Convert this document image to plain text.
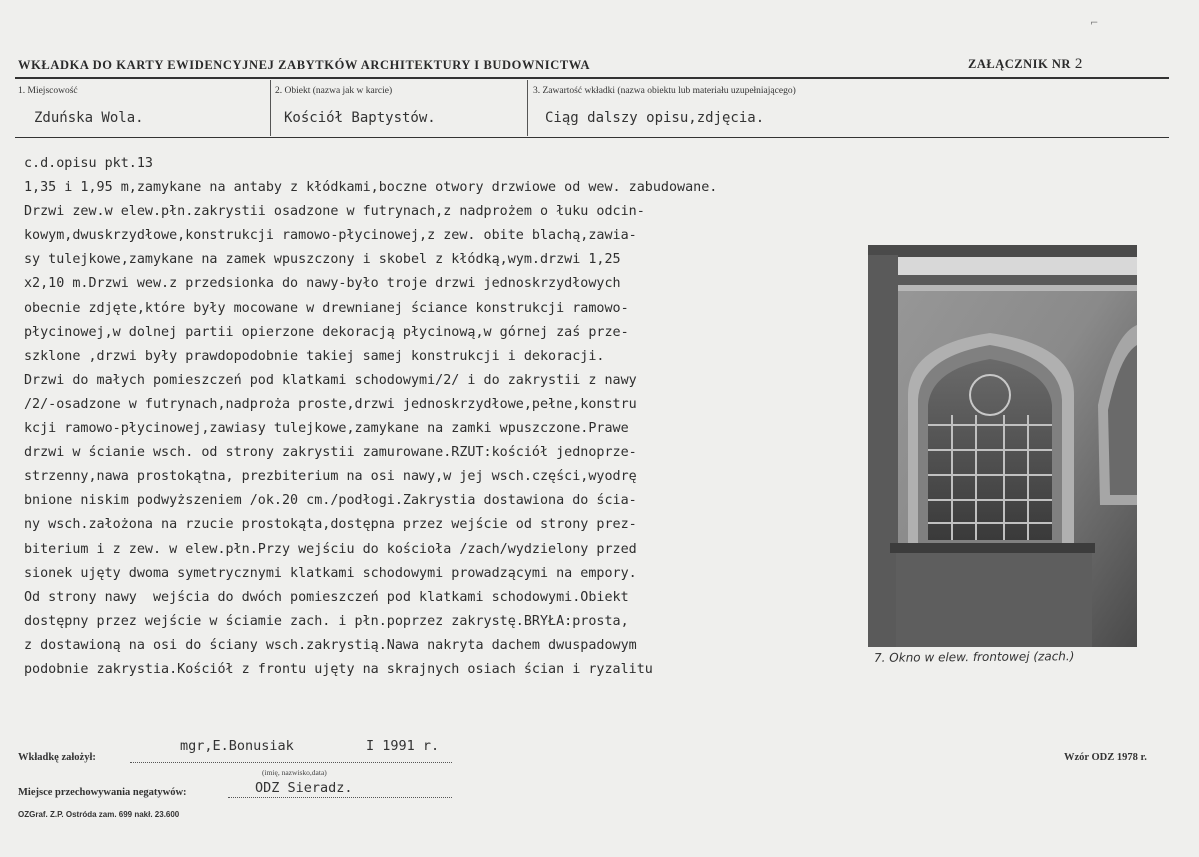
⌐
WKŁADKA DO KARTY EWIDENCYJNEJ ZABYTKÓW ARCHITEKTURY I BUDOWNICTWA	ZAŁĄCZNIK NR 2
1. Miejscowość
Zduńska Wola.
2. Obiekt (nazwa jak w karcie)
Kościół Baptystów.
3. Zawartość wkładki (nazwa obiektu lub materiału uzupełniającego)
Ciąg dalszy opisu,zdjęcia.
c.d.opisu pkt.13
1,35 i 1,95 m,zamykane na antaby z kłódkami,boczne otwory drzwiowe od wew. zabudowane.
Drzwi zew.w elew.płn.zakrystii osadzone w futrynach,z nadprożem o łuku odcin-
kowym,dwuskrzydłowe,konstrukcji ramowo-płycinowej,z zew. obite blachą,zawia-
sy tulejkowe,zamykane na zamek wpuszczony i skobel z kłódką,wym.drzwi 1,25
x2,10 m.Drzwi wew.z przedsionka do nawy-było troje drzwi jednoskrzydłowych
obecnie zdjęte,które były mocowane w drewnianej ściance konstrukcji ramowo-
płycinowej,w dolnej partii opierzone dekoracją płycinową,w górnej zaś prze-
szklone ,drzwi były prawdopodobnie takiej samej konstrukcji i dekoracji.
Drzwi do małych pomieszczeń pod klatkami schodowymi/2/ i do zakrystii z nawy
/2/-osadzone w futrynach,nadproża proste,drzwi jednoskrzydłowe,pełne,konstru
kcji ramowo-płycinowej,zawiasy tulejkowe,zamykane na zamki wpuszczone.Prawe
drzwi w ścianie wsch. od strony zakrystii zamurowane.RZUT:kościół jednoprze-
strzenny,nawa prostokątna, prezbiterium na osi nawy,w jej wsch.części,wyodrę
bnione niskim podwyższeniem /ok.20 cm./podłogi.Zakrystia dostawiona do ścia-
ny wsch.założona na rzucie prostokąta,dostępna przez wejście od strony prez-
biterium i z zew. w elew.płn.Przy wejściu do kościoła /zach/wydzielony przed
sionek ujęty dwoma symetrycznymi klatkami schodowymi prowadzącymi na empory.
Od strony nawy  wejścia do dwóch pomieszczeń pod klatkami schodowymi.Obiekt
dostępny przez wejście w ściamie zach. i płn.poprzez zakrystę.BRYŁA:prosta,
z dostawioną na osi do ściany wsch.zakrystią.Nawa nakryta dachem dwuspadowym
podobnie zakrystia.Kościół z frontu ujęty na skrajnych osiach ścian i ryzalitu
7. Okno w elew. frontowej (zach.)
Wkładkę założył:
mgr,E.Bonusiak	I 1991 r.
(imię, nazwisko,data)
Miejsce przechowywania negatywów:	ODZ Sieradz.
Wzór ODZ 1978 r.
OZGraf. Z.P. Ostróda zam. 699 nakł. 23.600
